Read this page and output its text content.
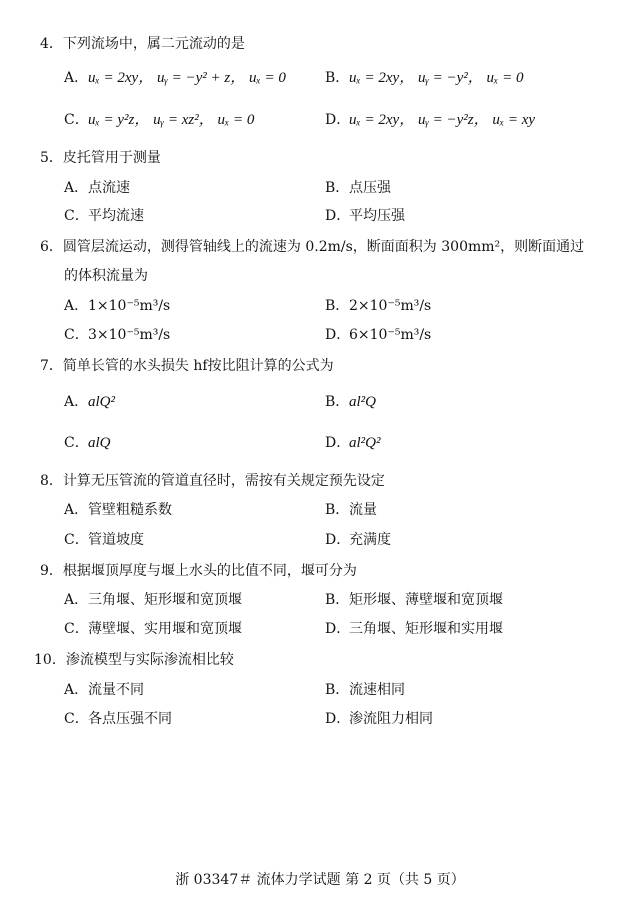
4．下列流场中，属二元流动的是
A．uₓ = 2xy， uᵧ = −y² + z， uₓ = 0	B．uₓ = 2xy， uᵧ = −y²， uₓ = 0
C．uₓ = y²z， uᵧ = xz²， uₓ = 0	D．uₓ = 2xy， uᵧ = −y²z， uₓ = xy
5．皮托管用于测量
A．点流速	B．点压强
C．平均流速	D．平均压强
6．圆管层流运动，测得管轴线上的流速为 0.2m/s，断面面积为 300mm²，则断面通过
的体积流量为
A．1×10⁻⁵m³/s	B．2×10⁻⁵m³/s
C．3×10⁻⁵m³/s	D．6×10⁻⁵m³/s
7．简单长管的水头损失 hf按比阻计算的公式为
A．alQ²	B．al²Q
C．alQ	D．al²Q²
8．计算无压管流的管道直径时，需按有关规定预先设定
A．管壁粗糙系数	B．流量
C．管道坡度	D．充满度
9．根据堰顶厚度与堰上水头的比值不同，堰可分为
A．三角堰、矩形堰和宽顶堰	B．矩形堰、薄壁堰和宽顶堰
C．薄壁堰、实用堰和宽顶堰	D．三角堰、矩形堰和实用堰
10．渗流模型与实际渗流相比较
A．流量不同	B．流速相同
C．各点压强不同	D．渗流阻力相同
浙 03347＃ 流体力学试题 第 2 页（共 5 页）
